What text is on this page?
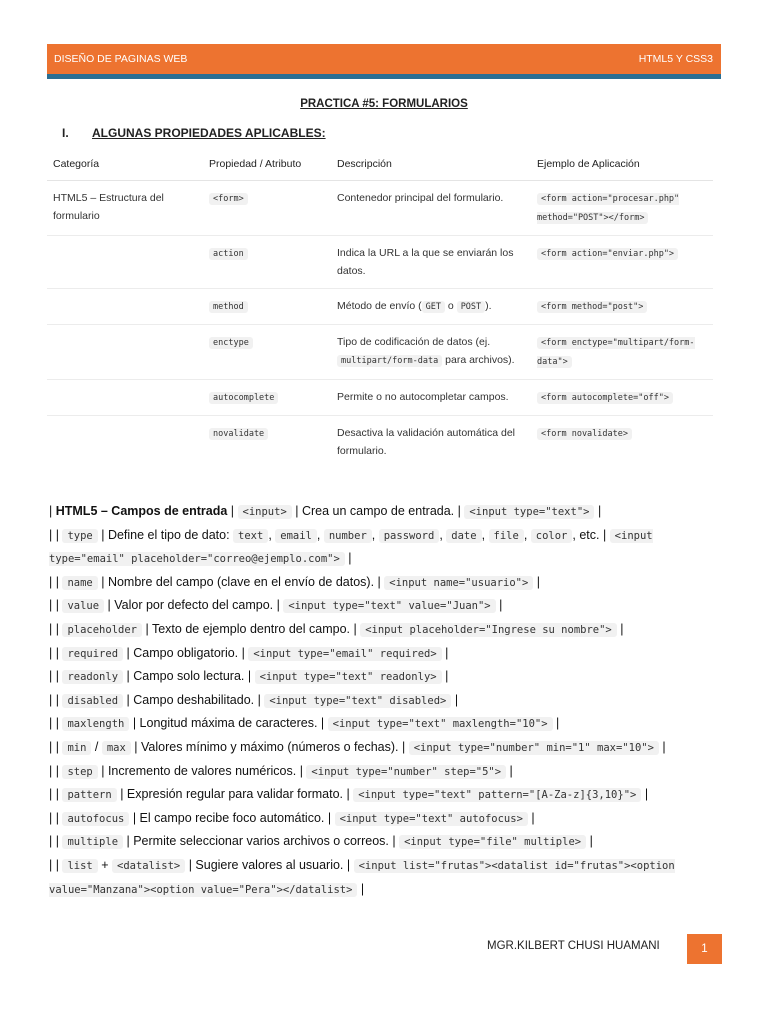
DISEÑO DE PAGINAS WEB	HTML5 Y CSS3
PRACTICA #5: FORMULARIOS
I.	ALGUNAS PROPIEDADES APLICABLES:
Categoría	Propiedad / Atributo	Descripción	Ejemplo de Aplicación
HTML5 – Estructura del formulario	<form>	Contenedor principal del formulario.	<form action="procesar.php" method="POST"></form>
	action	Indica la URL a la que se enviarán los datos.	<form action="enviar.php">
	method	Método de envío ( GET o POST ).	<form method="post">
	enctype	Tipo de codificación de datos (ej. multipart/form-data para archivos).	<form enctype="multipart/form-data">
	autocomplete	Permite o no autocompletar campos.	<form autocomplete="off">
	novalidate	Desactiva la validación automática del formulario.	<form novalidate>
| HTML5 – Campos de entrada | <input> | Crea un campo de entrada. | <input type="text"> |
| | type | Define el tipo de dato: text , email , number , password , date , file , color , etc. | <input type="email" placeholder="correo@ejemplo.com"> |
| | name | Nombre del campo (clave en el envío de datos). | <input name="usuario"> |
| | value | Valor por defecto del campo. | <input type="text" value="Juan"> |
| | placeholder | Texto de ejemplo dentro del campo. | <input placeholder="Ingrese su nombre"> |
| | required | Campo obligatorio. | <input type="email" required> |
| | readonly | Campo solo lectura. | <input type="text" readonly> |
| | disabled | Campo deshabilitado. | <input type="text" disabled> |
| | maxlength | Longitud máxima de caracteres. | <input type="text" maxlength="10"> |
| | min / max | Valores mínimo y máximo (números o fechas). | <input type="number" min="1" max="10"> |
| | step | Incremento de valores numéricos. | <input type="number" step="5"> |
| | pattern | Expresión regular para validar formato. | <input type="text" pattern="[A-Za-z]{3,10}"> |
| | autofocus | El campo recibe foco automático. | <input type="text" autofocus> |
| | multiple | Permite seleccionar varios archivos o correos. | <input type="file" multiple> |
| | list + <datalist> | Sugiere valores al usuario. | <input list="frutas"><datalist id="frutas"><option value="Manzana"><option value="Pera"></datalist> |
MGR.KILBERT CHUSI HUAMANI	1
